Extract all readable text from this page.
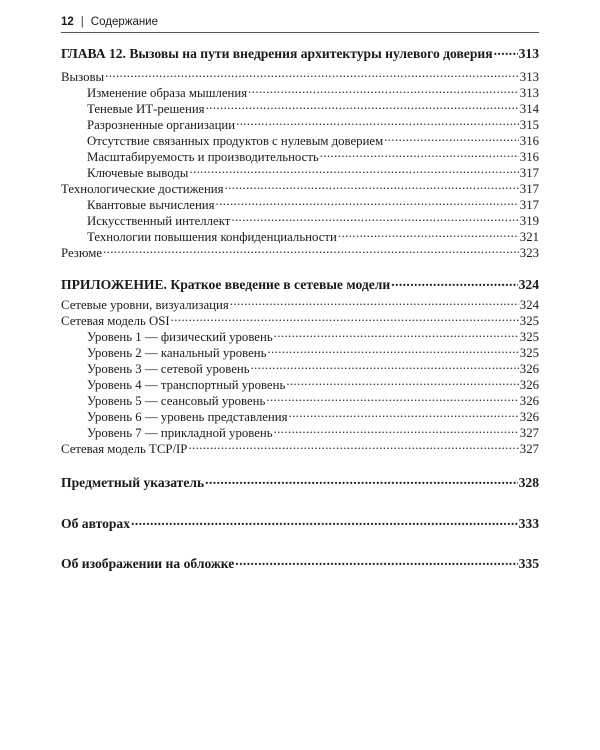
12 | Содержание
ГЛАВА 12. Вызовы на пути внедрения архитектуры нулевого доверия ..... 313
Вызовы .....	313
Изменение образа мышления .....	313
Теневые ИТ-решения .....	314
Разрозненные организации .....	315
Отсутствие связанных продуктов с нулевым доверием .....	316
Масштабируемость и производительность .....	316
Ключевые выводы .....	317
Технологические достижения .....	317
Квантовые вычисления .....	317
Искусственный интеллект .....	319
Технологии повышения конфиденциальности .....	321
Резюме .....	323
ПРИЛОЖЕНИЕ. Краткое введение в сетевые модели .....	324
Сетевые уровни, визуализация .....	324
Сетевая модель OSI .....	325
Уровень 1 — физический уровень .....	325
Уровень 2 — канальный уровень .....	325
Уровень 3 — сетевой уровень .....	326
Уровень 4 — транспортный уровень .....	326
Уровень 5 — сеансовый уровень .....	326
Уровень 6 — уровень представления .....	326
Уровень 7 — прикладной уровень .....	327
Сетевая модель TCP/IP .....	327
Предметный указатель .....	328
Об авторах .....	333
Об изображении на обложке .....	335
